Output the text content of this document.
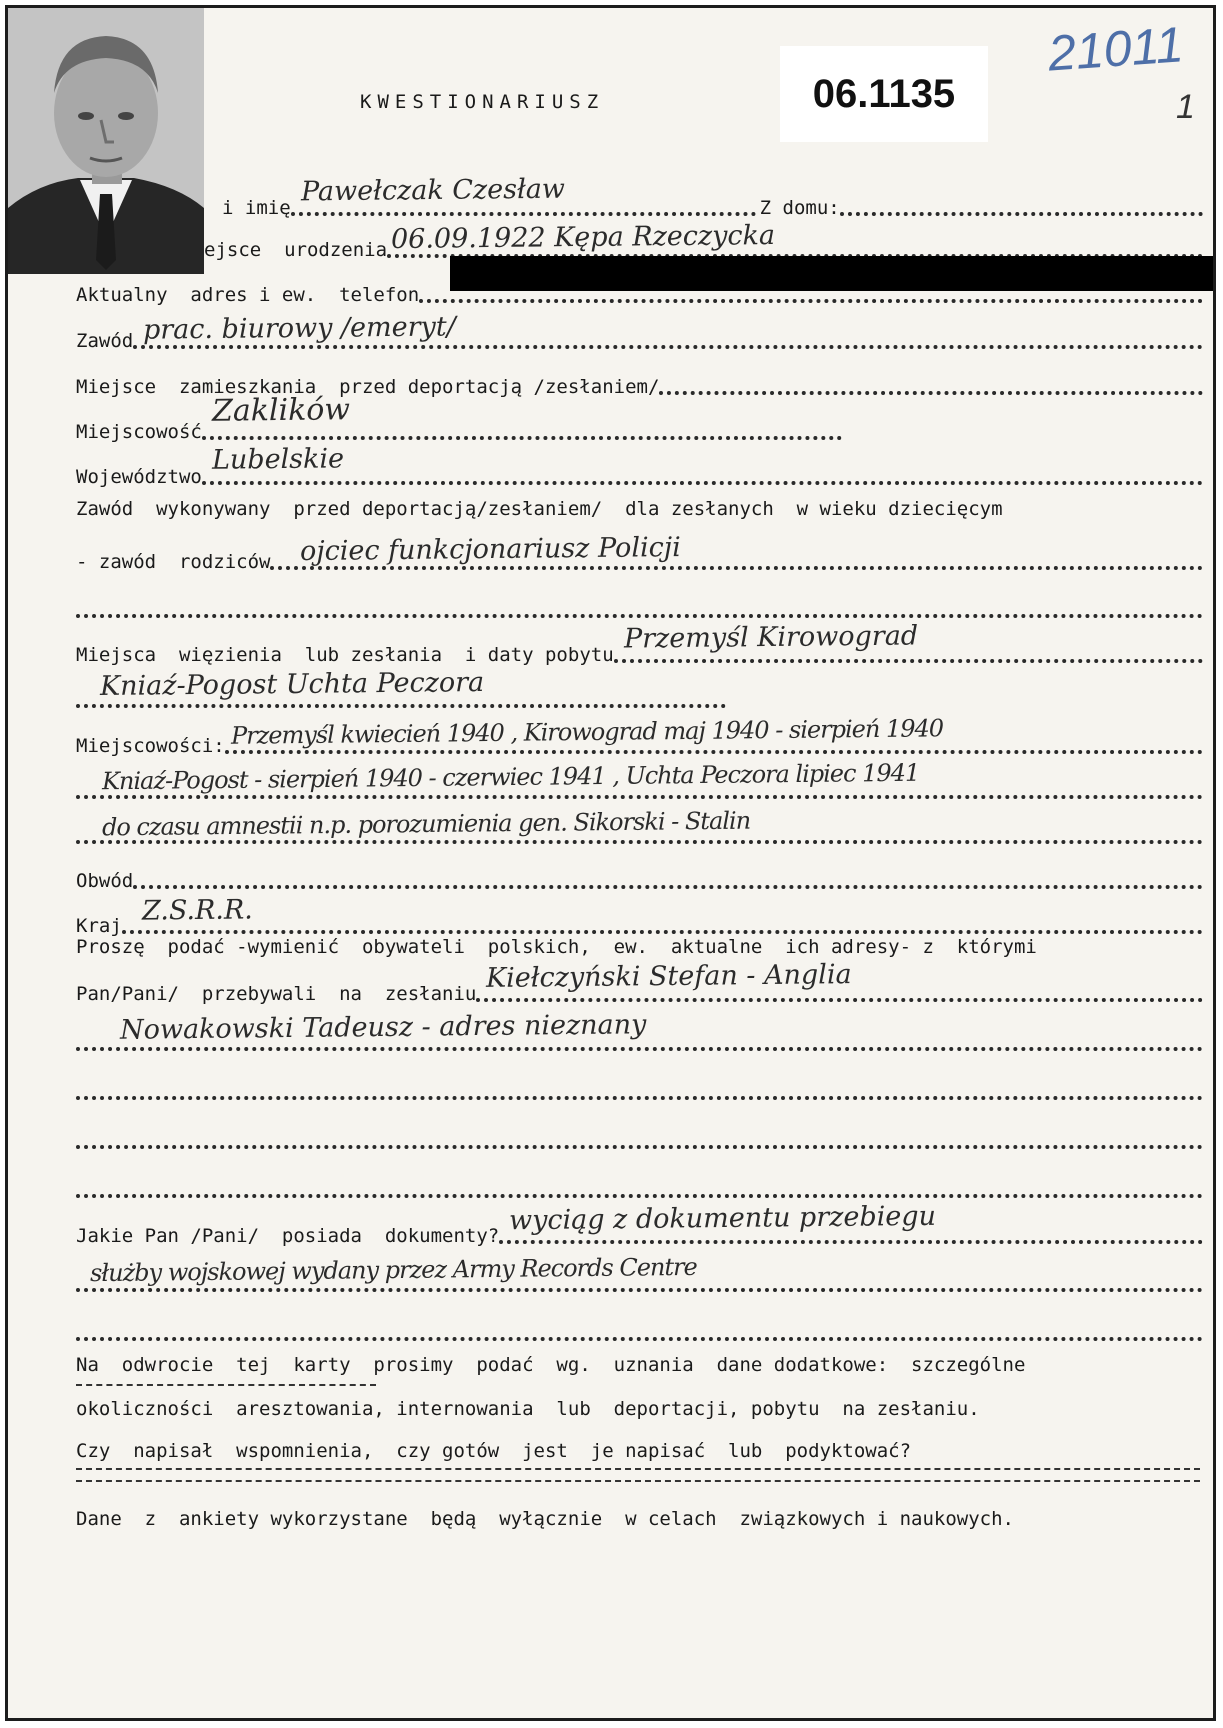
KWESTIONARIUSZ	06.1135
21011
1
i imię
Pawełczak Czesław
Z domu:
ejsce  urodzenia 06.09.1922 Kępa Rzeczycka
Aktualny  adres i ew.  telefon
Zawód prac. biurowy /emeryt/
Miejsce  zamieszkania  przed deportacją /zesłaniem/
Miejscowość
Zaklików
Województwo
Lubelskie
Zawód  wykonywany  przed deportacją/zesłaniem/  dla zesłanych  w wieku dziecięcym
- zawód  rodziców ojciec funkcjonariusz Policji
Miejsca  więzienia  lub zesłania  i daty pobytu
Przemyśl Kirowograd
Kniaź-Pogost Uchta Peczora
Miejscowości: Przemyśl kwiecień 1940 , Kirowograd maj 1940 - sierpień 1940
Kniaź-Pogost - sierpień 1940 - czerwiec 1941 , Uchta Peczora lipiec 1941
do czasu amnestii n.p. porozumienia gen. Sikorski - Stalin
Obwód
Kraj Z.S.R.R.
Proszę  podać -wymienić  obywateli  polskich,  ew.  aktualne  ich adresy- z  którymi
Pan/Pani/  przebywali  na  zesłaniu
Kiełczyński Stefan - Anglia
Nowakowski Tadeusz - adres nieznany
Jakie Pan /Pani/  posiada  dokumenty? wyciąg z dokumentu przebiegu
służby wojskowej wydany przez Army Records Centre
Na  odwrocie  tej  karty  prosimy  podać  wg.  uznania  dane dodatkowe:  szczególne
okoliczności  aresztowania, internowania  lub  deportacji, pobytu  na zesłaniu.
Czy  napisał  wspomnienia,  czy gotów  jest  je napisać  lub  podyktować?
Dane  z  ankiety wykorzystane  będą  wyłącznie  w celach  związkowych i naukowych.
